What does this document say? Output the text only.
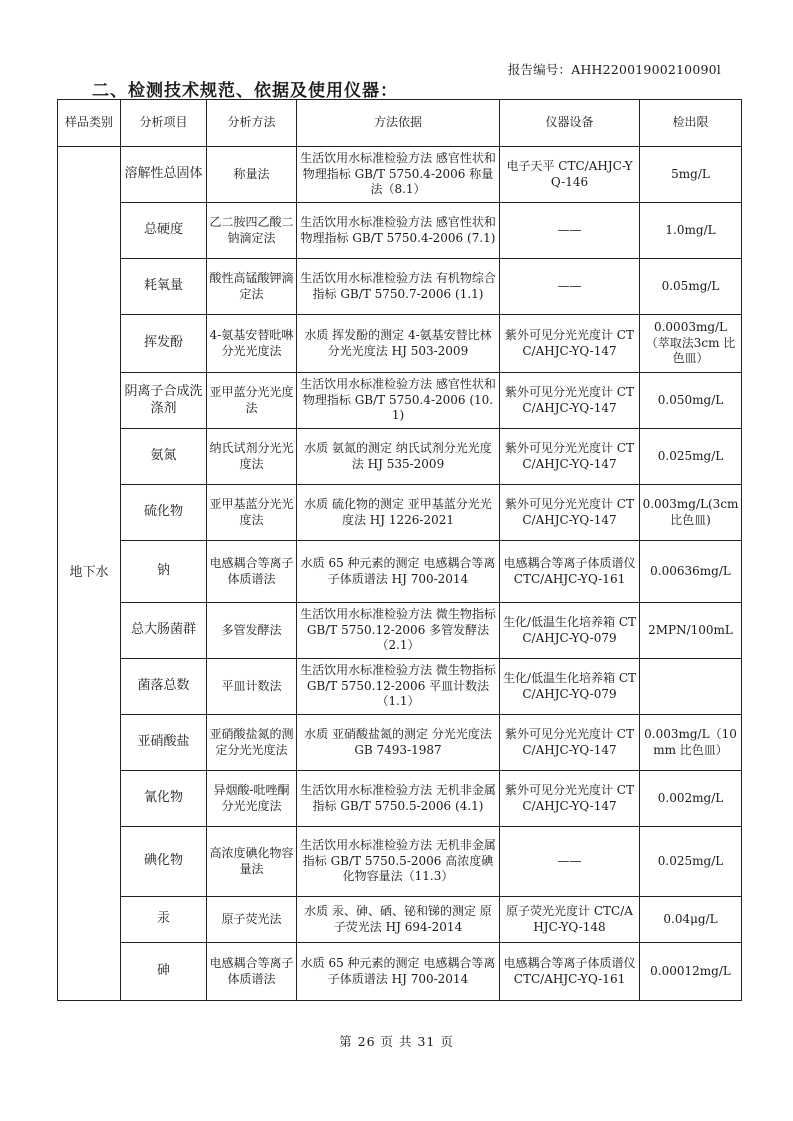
报告编号：AHH22001900210090l
二、检测技术规范、依据及使用仪器：
样品类别	分析项目	分析方法	方法依据	仪器设备	检出限
地下水	溶解性总固体	称量法	生活饮用水标准检验方法 感官性状和物理指标 GB/T 5750.4-2006 称量法（8.1）	电子天平 CTC/AHJC-YQ-146	5mg/L
	总硬度	乙二胺四乙酸二钠滴定法	生活饮用水标准检验方法 感官性状和物理指标 GB/T 5750.4-2006 (7.1)	——	1.0mg/L
	耗氧量	酸性高锰酸钾滴定法	生活饮用水标准检验方法 有机物综合指标 GB/T 5750.7-2006 (1.1)	——	0.05mg/L
	挥发酚	4-氨基安替吡啉分光光度法	水质 挥发酚的测定 4-氨基安替比林分光光度法 HJ 503-2009	紫外可见分光光度计 CTC/AHJC-YQ-147	0.0003mg/L（萃取法3cm 比色皿）
	阴离子合成洗涤剂	亚甲蓝分光光度法	生活饮用水标准检验方法 感官性状和物理指标 GB/T 5750.4-2006 (10.1)	紫外可见分光光度计 CTC/AHJC-YQ-147	0.050mg/L
	氨氮	纳氏试剂分光光度法	水质 氨氮的测定 纳氏试剂分光光度法 HJ 535-2009	紫外可见分光光度计 CTC/AHJC-YQ-147	0.025mg/L
	硫化物	亚甲基蓝分光光度法	水质 硫化物的测定 亚甲基蓝分光光度法 HJ 1226-2021	紫外可见分光光度计 CTC/AHJC-YQ-147	0.003mg/L(3cm 比色皿)
	钠	电感耦合等离子体质谱法	水质 65 种元素的测定 电感耦合等离子体质谱法 HJ 700-2014	电感耦合等离子体质谱仪 CTC/AHJC-YQ-161	0.00636mg/L
	总大肠菌群	多管发酵法	生活饮用水标准检验方法 微生物指标 GB/T 5750.12-2006 多管发酵法（2.1）	生化/低温生化培养箱 CTC/AHJC-YQ-079	2MPN/100mL
	菌落总数	平皿计数法	生活饮用水标准检验方法 微生物指标 GB/T 5750.12-2006 平皿计数法（1.1）	生化/低温生化培养箱 CTC/AHJC-YQ-079	
	亚硝酸盐	亚硝酸盐氮的测定分光光度法	水质 亚硝酸盐氮的测定 分光光度法 GB 7493-1987	紫外可见分光光度计 CTC/AHJC-YQ-147	0.003mg/L（10mm 比色皿）
	氰化物	异烟酸-吡唑酮分光光度法	生活饮用水标准检验方法 无机非金属指标 GB/T 5750.5-2006 (4.1)	紫外可见分光光度计 CTC/AHJC-YQ-147	0.002mg/L
	碘化物	高浓度碘化物容量法	生活饮用水标准检验方法 无机非金属指标 GB/T 5750.5-2006 高浓度碘化物容量法（11.3）	——	0.025mg/L
	汞	原子荧光法	水质 汞、砷、硒、铋和锑的测定 原子荧光法 HJ 694-2014	原子荧光光度计 CTC/AHJC-YQ-148	0.04μg/L
	砷	电感耦合等离子体质谱法	水质 65 种元素的测定 电感耦合等离子体质谱法 HJ 700-2014	电感耦合等离子体质谱仪 CTC/AHJC-YQ-161	0.00012mg/L
第 26 页 共 31 页
